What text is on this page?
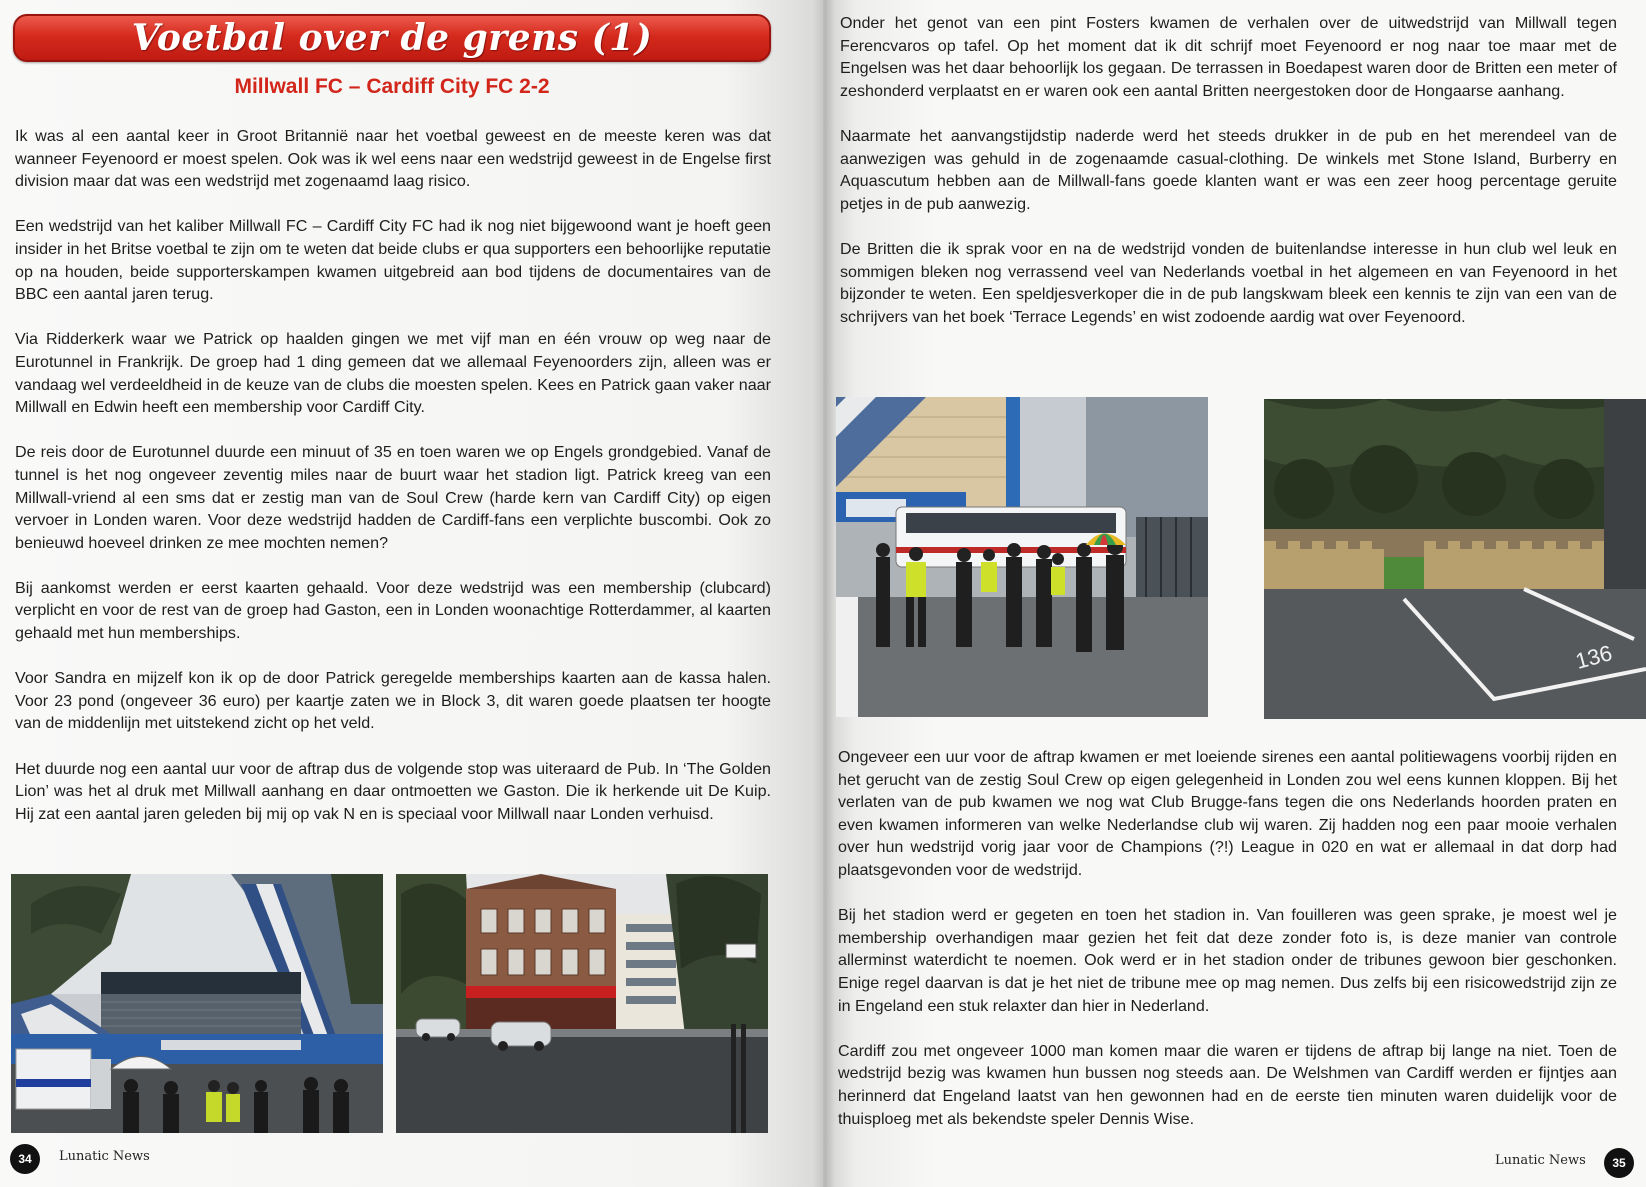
Voetbal over de grens (1)
Millwall FC – Cardiff City FC 2-2

Ik was al een aantal keer in Groot Britannië naar het voetbal geweest en de meeste keren was dat wanneer Feyenoord er moest spelen. Ook was ik wel eens naar een wedstrijd geweest in de Engelse first division maar dat was een wedstrijd met zogenaamd laag risico.

Een wedstrijd van het kaliber Millwall FC – Cardiff City FC had ik nog niet bijgewoond want je hoeft geen insider in het Britse voetbal te zijn om te weten dat beide clubs er qua supporters een behoorlijke reputatie op na houden, beide supporterskampen kwamen uitgebreid aan bod tijdens de documentaires van de BBC een aantal jaren terug.

Via Ridderkerk waar we Patrick op haalden gingen we met vijf man en één vrouw op weg naar de Eurotunnel in Frankrijk. De groep had 1 ding gemeen dat we allemaal Feyenoorders zijn, alleen was er vandaag wel verdeeldheid in de keuze van de clubs die moesten spelen. Kees en Patrick gaan vaker naar Millwall en Edwin heeft een membership voor Cardiff City.

De reis door de Eurotunnel duurde een minuut of 35 en toen waren we op Engels grondgebied. Vanaf de tunnel is het nog ongeveer zeventig miles naar de buurt waar het stadion ligt. Patrick kreeg van een Millwall-vriend al een sms dat er zestig man van de Soul Crew (harde kern van Cardiff City) op eigen vervoer in Londen waren. Voor deze wedstrijd hadden de Cardiff-fans een verplichte buscombi. Ook zo benieuwd hoeveel drinken ze mee mochten nemen?

Bij aankomst werden er eerst kaarten gehaald. Voor deze wedstrijd was een membership (clubcard) verplicht en voor de rest van de groep had Gaston, een in Londen woonachtige Rotterdammer, al kaarten gehaald met hun memberships.

Voor Sandra en mijzelf kon ik op de door Patrick geregelde memberships kaarten aan de kassa halen. Voor 23 pond (ongeveer 36 euro) per kaartje zaten we in Block 3, dit waren goede plaatsen ter hoogte van de middenlijn met uitstekend zicht op het veld.

Het duurde nog een aantal uur voor de aftrap dus de volgende stop was uiteraard de Pub. In ‘The Golden Lion’ was het al druk met Millwall aanhang en daar ontmoetten we Gaston. Die ik herkende uit De Kuip. Hij zat een aantal jaren geleden bij mij op vak N en is speciaal voor Millwall naar Londen verhuisd.

34	Lunatic News

Onder het genot van een pint Fosters kwamen de verhalen over de uitwedstrijd van Millwall tegen Ferencvaros op tafel. Op het moment dat ik dit schrijf moet Feyenoord er nog naar toe maar met de Engelsen was het daar behoorlijk los gegaan. De terrassen in Boedapest waren door de Britten een meter of zeshonderd verplaatst en er waren ook een aantal Britten neergestoken door de Hongaarse aanhang.

Naarmate het aanvangstijdstip naderde werd het steeds drukker in de pub en het merendeel van de aanwezigen was gehuld in de zogenaamde casual-clothing. De winkels met Stone Island, Burberry en Aquascutum hebben aan de Millwall-fans goede klanten want er was een zeer hoog percentage geruite petjes in de pub aanwezig.

De Britten die ik sprak voor en na de wedstrijd vonden de buitenlandse interesse in hun club wel leuk en sommigen bleken nog verrassend veel van Nederlands voetbal in het algemeen en van Feyenoord in het bijzonder te weten. Een speldjesverkoper die in de pub langskwam bleek een kennis te zijn van een van de schrijvers van het boek ‘Terrace Legends’ en wist zodoende aardig wat over Feyenoord.

136

Ongeveer een uur voor de aftrap kwamen er met loeiende sirenes een aantal politiewagens voorbij rijden en het gerucht van de zestig Soul Crew op eigen gelegenheid in Londen zou wel eens kunnen kloppen. Bij het verlaten van de pub kwamen we nog wat Club Brugge-fans tegen die ons Nederlands hoorden praten en even kwamen informeren van welke Nederlandse club wij waren. Zij hadden nog een paar mooie verhalen over hun wedstrijd vorig jaar voor de Champions (?!) League in 020 en wat er allemaal in dat dorp had plaatsgevonden voor de wedstrijd.

Bij het stadion werd er gegeten en toen het stadion in. Van fouilleren was geen sprake, je moest wel je membership overhandigen maar gezien het feit dat deze zonder foto is, is deze manier van controle allerminst waterdicht te noemen. Ook werd er in het stadion onder de tribunes gewoon bier geschonken. Enige regel daarvan is dat je het niet de tribune mee op mag nemen. Dus zelfs bij een risicowedstrijd zijn ze in Engeland een stuk relaxter dan hier in Nederland.

Cardiff zou met ongeveer 1000 man komen maar die waren er tijdens de aftrap bij lange na niet. Toen de wedstrijd bezig was kwamen hun bussen nog steeds aan. De Welshmen van Cardiff werden er fijntjes aan herinnerd dat Engeland laatst van hen gewonnen had en de eerste tien minuten waren duidelijk voor de thuisploeg met als bekendste speler Dennis Wise.

Lunatic News	35
